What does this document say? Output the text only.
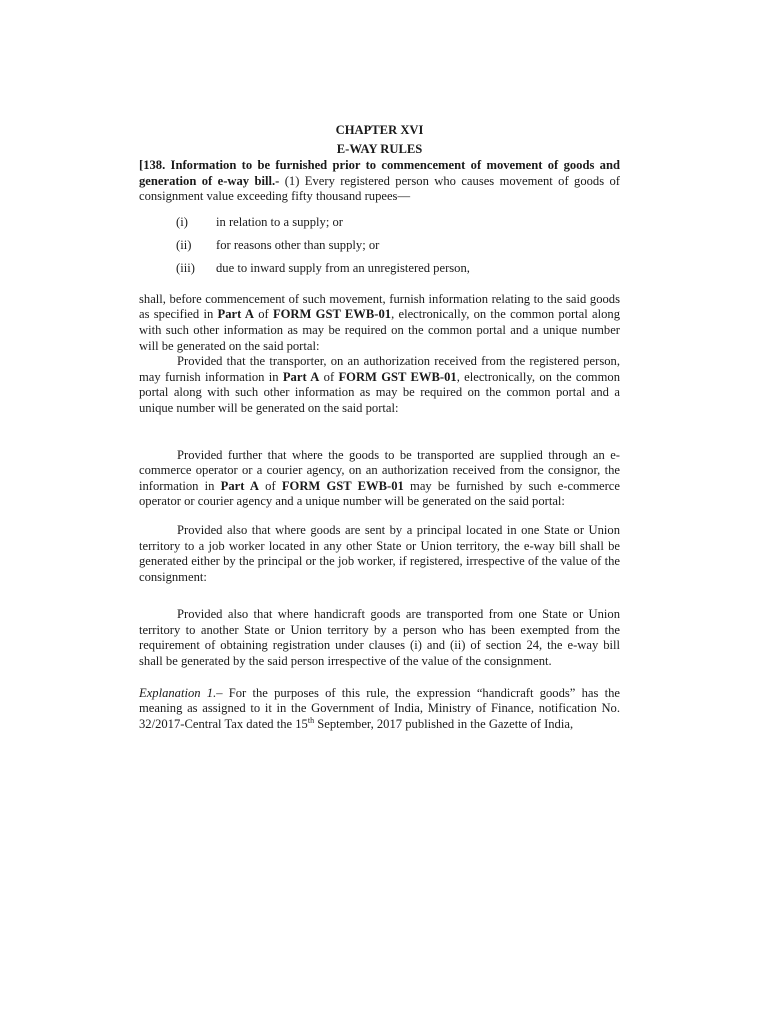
CHAPTER XVI

E-WAY RULES

[138. Information to be furnished prior to commencement of movement of goods and generation of e-way bill.- (1) Every registered person who causes movement of goods of consignment value exceeding fifty thousand rupees—

(i)	in relation to a supply; or
(ii)	for reasons other than supply; or
(iii)	due to inward supply from an unregistered person,

shall, before commencement of such movement, furnish information relating to the said goods as specified in Part A of FORM GST EWB-01, electronically, on the common portal along with such other information as may be required on the common portal and a unique number will be generated on the said portal:

Provided that the transporter, on an authorization received from the registered person, may furnish information in Part A of FORM GST EWB-01, electronically, on the common portal along with such other information as may be required on the common portal and a unique number will be generated on the said portal:

Provided further that where the goods to be transported are supplied through an e-commerce operator or a courier agency, on an authorization received from the consignor, the information in Part A of FORM GST EWB-01 may be furnished by such e-commerce operator or courier agency and a unique number will be generated on the said portal:

Provided also that where goods are sent by a principal located in one State or Union territory to a job worker located in any other State or Union territory, the e-way bill shall be generated either by the principal or the job worker, if registered, irrespective of the value of the consignment:

Provided also that where handicraft goods are transported from one State or Union territory to another State or Union territory by a person who has been exempted from the requirement of obtaining registration under clauses (i) and (ii) of section 24, the e-way bill shall be generated by the said person irrespective of the value of the consignment.

Explanation 1.– For the purposes of this rule, the expression “handicraft goods” has the meaning as assigned to it in the Government of India, Ministry of Finance, notification No. 32/2017-Central Tax dated the 15th September, 2017 published in the Gazette of India,
